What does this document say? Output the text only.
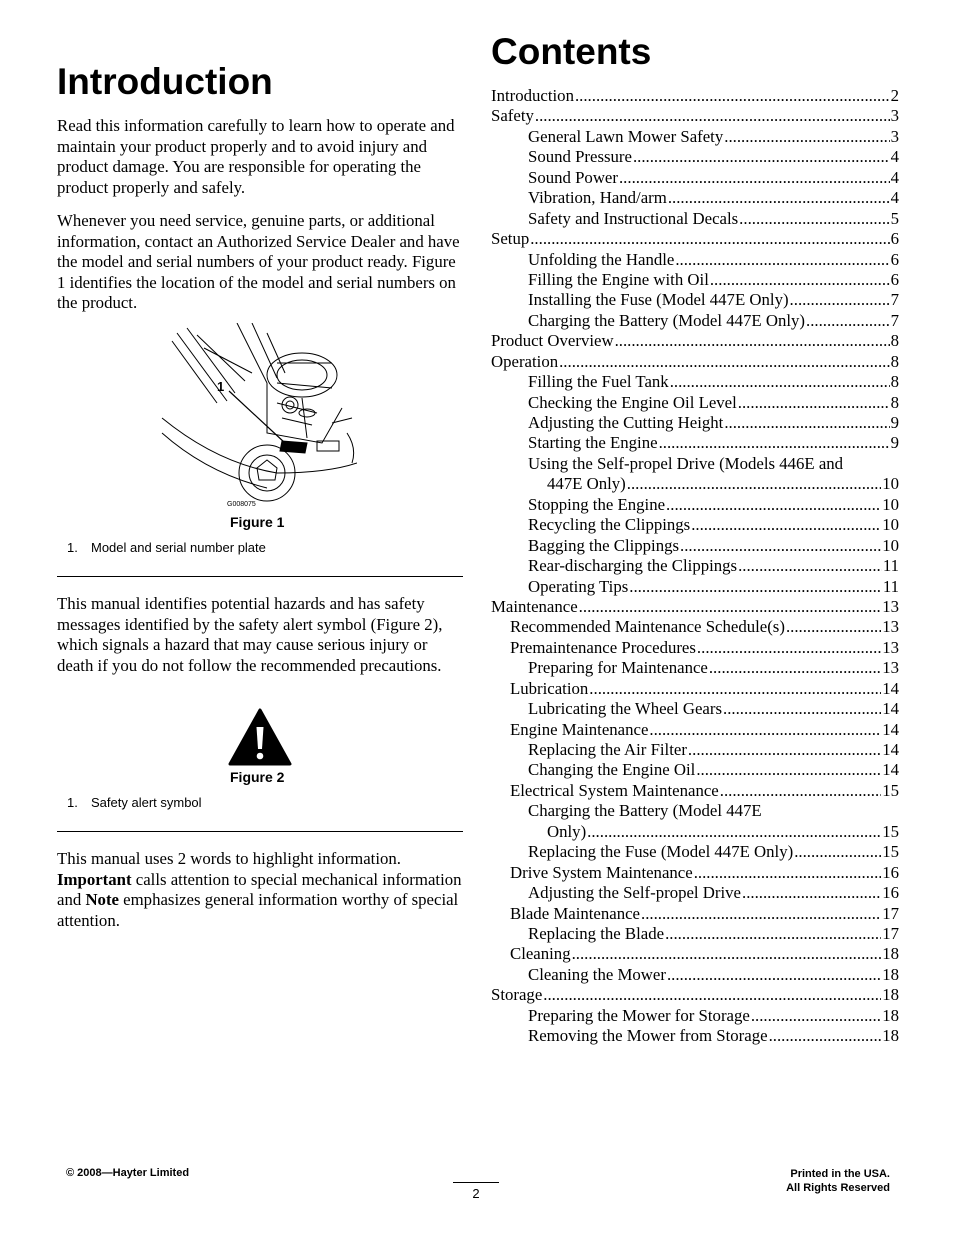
Introduction

Read this information carefully to learn how to operate and maintain your product properly and to avoid injury and product damage. You are responsible for operating the product properly and safely.

Whenever you need service, genuine parts, or additional information, contact an Authorized Service Dealer and have the model and serial numbers of your product ready. Figure 1 identifies the location of the model and serial numbers on the product.

1
G008075
Figure 1
1. Model and serial number plate

This manual identifies potential hazards and has safety messages identified by the safety alert symbol (Figure 2), which signals a hazard that may cause serious injury or death if you do not follow the recommended precautions.

Figure 2
1. Safety alert symbol

This manual uses 2 words to highlight information. Important calls attention to special mechanical information and Note emphasizes general information worthy of special attention.

Contents
Introduction .....	2
Safety .....	3
General Lawn Mower Safety .....	3
Sound Pressure .....	4
Sound Power .....	4
Vibration, Hand/arm .....	4
Safety and Instructional Decals .....	5
Setup .....	6
Unfolding the Handle .....	6
Filling the Engine with Oil .....	6
Installing the Fuse (Model 447E Only) .....	7
Charging the Battery (Model 447E Only) .....	7
Product Overview .....	8
Operation .....	8
Filling the Fuel Tank .....	8
Checking the Engine Oil Level .....	8
Adjusting the Cutting Height .....	9
Starting the Engine .....	9
Using the Self-propel Drive (Models 446E and
447E Only) .....	10
Stopping the Engine .....	10
Recycling the Clippings .....	10
Bagging the Clippings .....	10
Rear-discharging the Clippings .....	11
Operating Tips .....	11
Maintenance .....	13
Recommended Maintenance Schedule(s) .....	13
Premaintenance Procedures .....	13
Preparing for Maintenance .....	13
Lubrication .....	14
Lubricating the Wheel Gears .....	14
Engine Maintenance .....	14
Replacing the Air Filter .....	14
Changing the Engine Oil .....	14
Electrical System Maintenance .....	15
Charging the Battery (Model 447E
Only) .....	15
Replacing the Fuse (Model 447E Only) .....	15
Drive System Maintenance .....	16
Adjusting the Self-propel Drive .....	16
Blade Maintenance .....	17
Replacing the Blade .....	17
Cleaning .....	18
Cleaning the Mower .....	18
Storage .....	18
Preparing the Mower for Storage .....	18
Removing the Mower from Storage .....	18
© 2008—Hayter Limited
2
Printed in the USA.
All Rights Reserved
